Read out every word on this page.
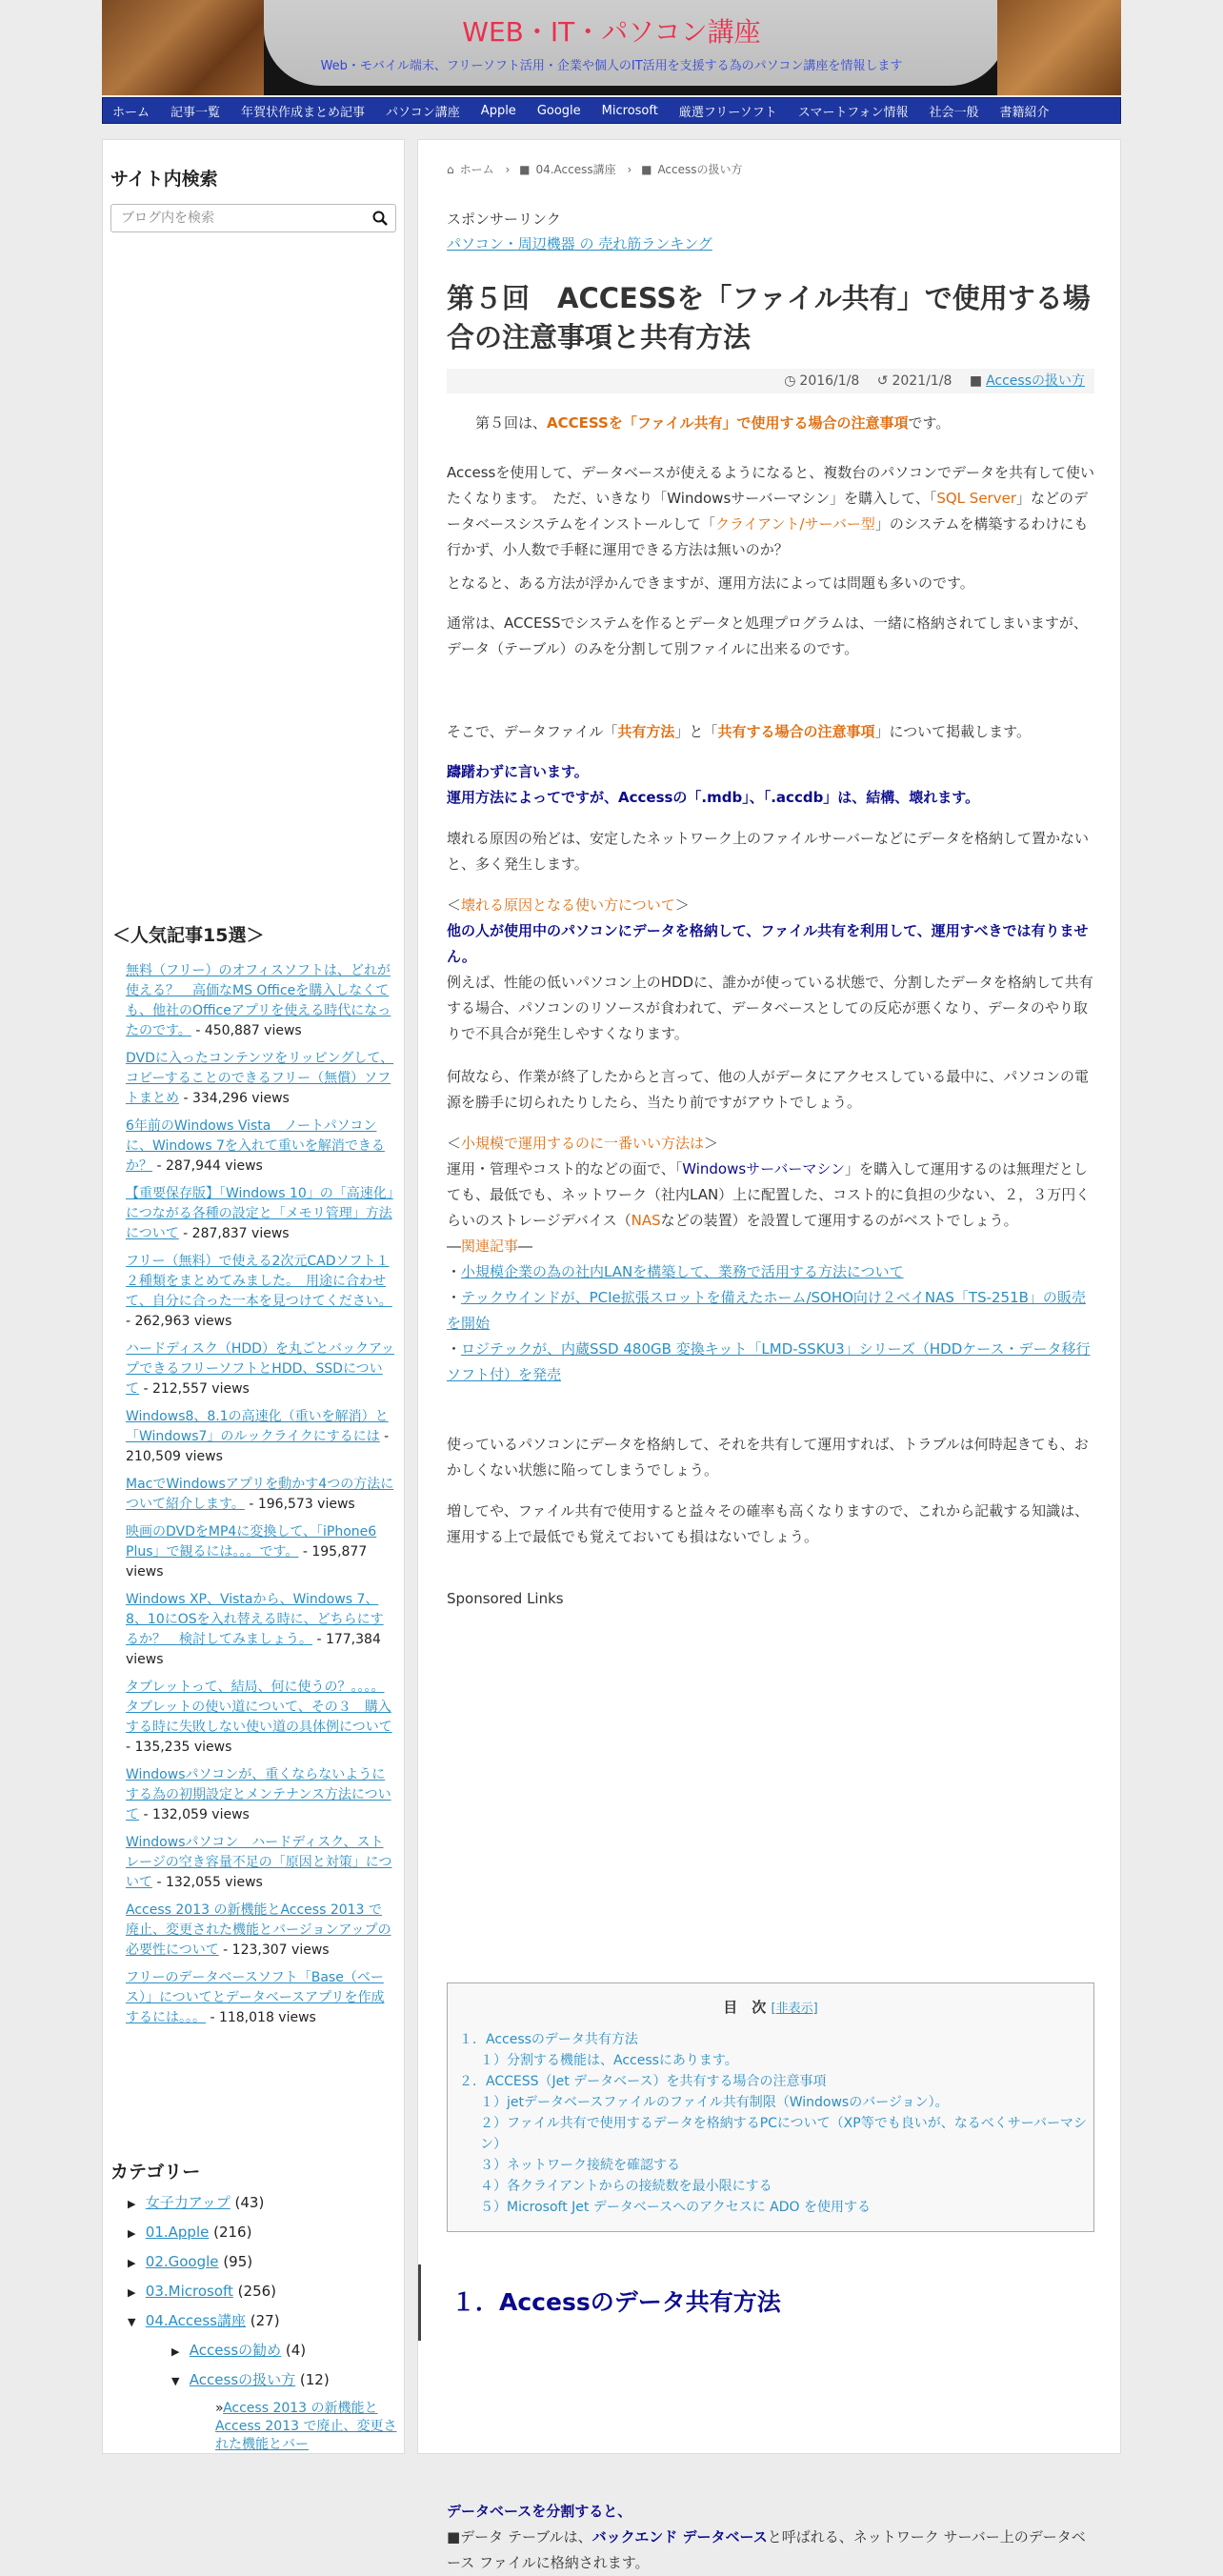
WEB・IT・パソコン講座
Web・モバイル端末、フリーソフト活用・企業や個人のIT活用を支援する為のパソコン講座を情報します
ホーム 記事一覧 年賀状作成まとめ記事 パソコン講座 Apple Google Microsoft 厳選フリーソフト スマートフォン情報 社会一般 書籍紹介
サイト内検索
ブログ内を検索
＜人気記事15選＞
無料（フリー）のオフィスソフトは、どれが使える？　高価なMS Officeを購入しなくても、他社のOfficeアプリを使える時代になったのです。 - 450,887 views
DVDに入ったコンテンツをリッピングして、コピーすることのできるフリー（無償）ソフトまとめ - 334,296 views
6年前のWindows Vista　ノートパソコンに、Windows 7を入れて重いを解消できるか？ - 287,944 views
【重要保存版】「Windows 10」の「高速化」につながる各種の設定と「メモリ管理」方法について - 287,837 views
フリー（無料）で使える2次元CADソフト１２種類をまとめてみました。　用途に合わせて、自分に合った一本を見つけてください。 - 262,963 views
ハードディスク（HDD）を丸ごとバックアップできるフリーソフトとHDD、SSDについて - 212,557 views
Windows8、8.1の高速化（重いを解消）と「Windows7」のルックライクにするには - 210,509 views
MacでWindowsアプリを動かす4つの方法について紹介します。 - 196,573 views
映画のDVDをMP4に変換して、「iPhone6 Plus」で観るには。。。です。 - 195,877 views
Windows XP、Vistaから、Windows 7、8、10にOSを入れ替える時に、どちらにするか？　検討してみましょう。 - 177,384 views
タブレットって、結局、何に使うの？。。。。タブレットの使い道について、その３　購入する時に失敗しない使い道の具体例について - 135,235 views
Windowsパソコンが、重くならないようにする為の初期設定とメンテナンス方法について - 132,059 views
Windowsパソコン　ハードディスク、ストレージの空き容量不足の「原因と対策」について - 132,055 views
Access 2013 の新機能とAccess 2013 で廃止、変更された機能とバージョンアップの必要性について - 123,307 views
フリーのデータベースソフト「Base（ベース）」についてとデータベースアプリを作成するには。。。 - 118,018 views
カテゴリー
▶ 女子力アップ (43)
▶ 01.Apple (216)
▶ 02.Google (95)
▶ 03.Microsoft (256)
▼ 04.Access講座 (27)
▶ Accessの勧め (4)
▼ Accessの扱い方 (12)
»Access 2013 の新機能とAccess 2013 で廃止、変更された機能とバー
⌂ ホーム › ■ 04.Access講座 › ■ Accessの扱い方
スポンサーリンク
パソコン・周辺機器 の 売れ筋ランキング
第５回　ACCESSを「ファイル共有」で使用する場合の注意事項と共有方法
◷ 2016/1/8 ↺ 2021/1/8 ■ Accessの扱い方

　　第５回は、ACCESSを「ファイル共有」で使用する場合の注意事項です。

Accessを使用して、データベースが使えるようになると、複数台のパソコンでデータを共有して使いたくなります。　ただ、いきなり「Windowsサーバーマシン」を購入して、「SQL Server」などのデータベースシステムをインストールして「クライアント/サーバー型」のシステムを構築するわけにも行かず、小人数で手軽に運用できる方法は無いのか？

となると、ある方法が浮かんできますが、運用方法によっては問題も多いのです。

通常は、ACCESSでシステムを作るとデータと処理プログラムは、一緒に格納されてしまいますが、データ（テーブル）のみを分割して別ファイルに出来るのです。

そこで、データファイル「共有方法」と「共有する場合の注意事項」について掲載します。

躊躇わずに言います。
運用方法によってですが、Accessの「.mdb」、「.accdb」は、結構、壊れます。

壊れる原因の殆どは、安定したネットワーク上のファイルサーバーなどにデータを格納して置かないと、多く発生します。

＜壊れる原因となる使い方について＞
他の人が使用中のパソコンにデータを格納して、ファイル共有を利用して、運用すべきでは有りません。
例えば、性能の低いパソコン上のHDDに、誰かが使っている状態で、分割したデータを格納して共有する場合、パソコンのリソースが食われて、データベースとしての反応が悪くなり、データのやり取りで不具合が発生しやすくなります。

何故なら、作業が終了したからと言って、他の人がデータにアクセスしている最中に、パソコンの電源を勝手に切られたりしたら、当たり前ですがアウトでしょう。

＜小規模で運用するのに一番いい方法は＞
運用・管理やコスト的などの面で、「Windowsサーバーマシン」を購入して運用するのは無理だとしても、最低でも、ネットワーク（社内LAN）上に配置した、コスト的に負担の少ない、２，３万円くらいのストレージデバイス（NASなどの装置）を設置して運用するのがベストでしょう。
―関連記事―
・小規模企業の為の社内LANを構築して、業務で活用する方法について
・テックウインドが、PCIe拡張スロットを備えたホーム/SOHO向け２ベイNAS「TS-251B」の販売を開始
・ロジテックが、内蔵SSD 480GB 変換キット「LMD-SSKU3」シリーズ（HDDケース・データ移行ソフト付）を発売

使っているパソコンにデータを格納して、それを共有して運用すれば、トラブルは何時起きても、おかしくない状態に陥ってしまうでしょう。

増してや、ファイル共有で使用すると益々その確率も高くなりますので、これから記載する知識は、運用する上で最低でも覚えておいても損はないでしょう。

Sponsored Links
目　次 [非表示]
１．Accessのデータ共有方法
１）分割する機能は、Accessにあります。
２．ACCESS（Jet データベース）を共有する場合の注意事項
１）jetデータベースファイルのファイル共有制限（Windowsのバージョン）。
２）ファイル共有で使用するデータを格納するPCについて（XP等でも良いが、なるべくサーバーマシン）
３）ネットワーク接続を確認する
４）各クライアントからの接続数を最小限にする
５）Microsoft Jet データベースへのアクセスに ADO を使用する
１．Accessのデータ共有方法
データベースを分割すると、
■データ テーブルは、バックエンド データベースと呼ばれる、ネットワーク サーバー上のデータベース ファイルに格納されます。
